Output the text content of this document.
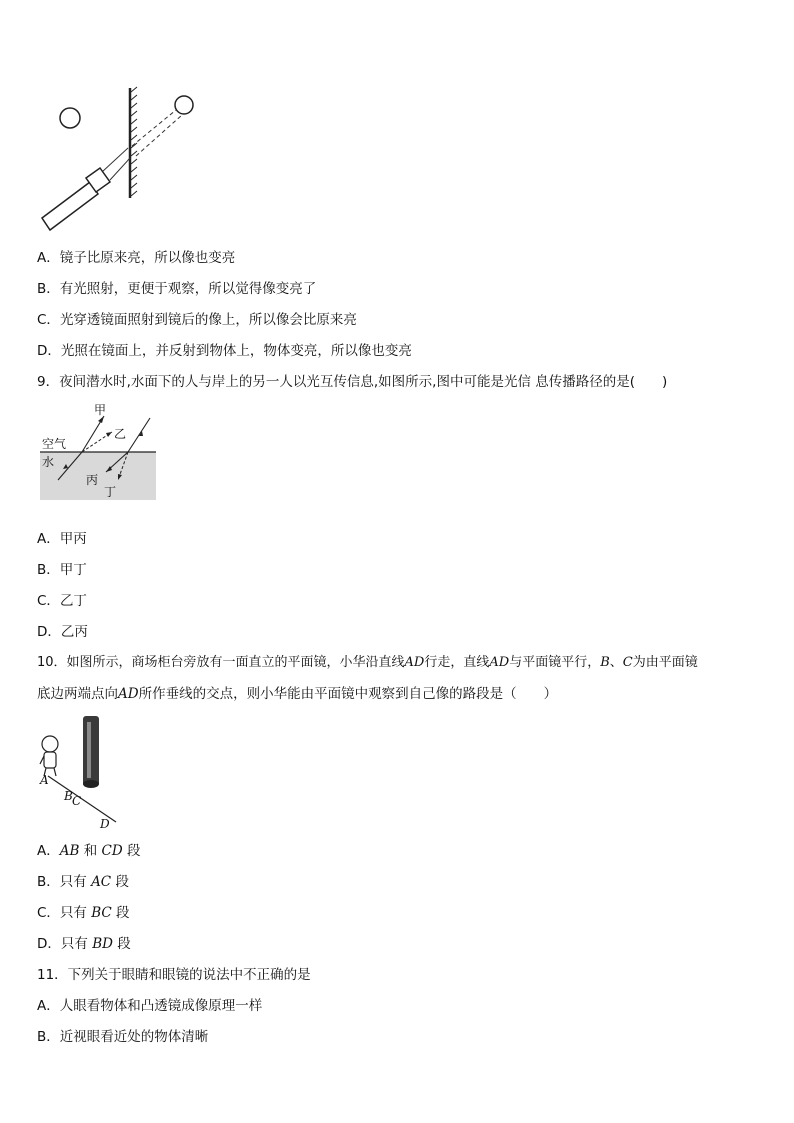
A．镜子比原来亮，所以像也变亮
B．有光照射，更便于观察，所以觉得像变亮了
C．光穿透镜面照射到镜后的像上，所以像会比原来亮
D．光照在镜面上，并反射到物体上，物体变亮，所以像也变亮
9．夜间潜水时,水面下的人与岸上的另一人以光互传信息,如图所示,图中可能是光信 息传播路径的是(　　)
空气
水
甲
乙
丙
丁
A．甲丙
B．甲丁
C．乙丁
D．乙丙
10．如图所示，商场柜台旁放有一面直立的平面镜，小华沿直线AD行走，直线AD与平面镜平行，B、C为由平面镜
底边两端点向AD所作垂线的交点，则小华能由平面镜中观察到自己像的路段是（　　）
A
B C
D
A．AB 和 CD 段
B．只有 AC 段
C．只有 BC 段
D．只有 BD 段
11．下列关于眼睛和眼镜的说法中不正确的是
A．人眼看物体和凸透镜成像原理一样
B．近视眼看近处的物体清晰
